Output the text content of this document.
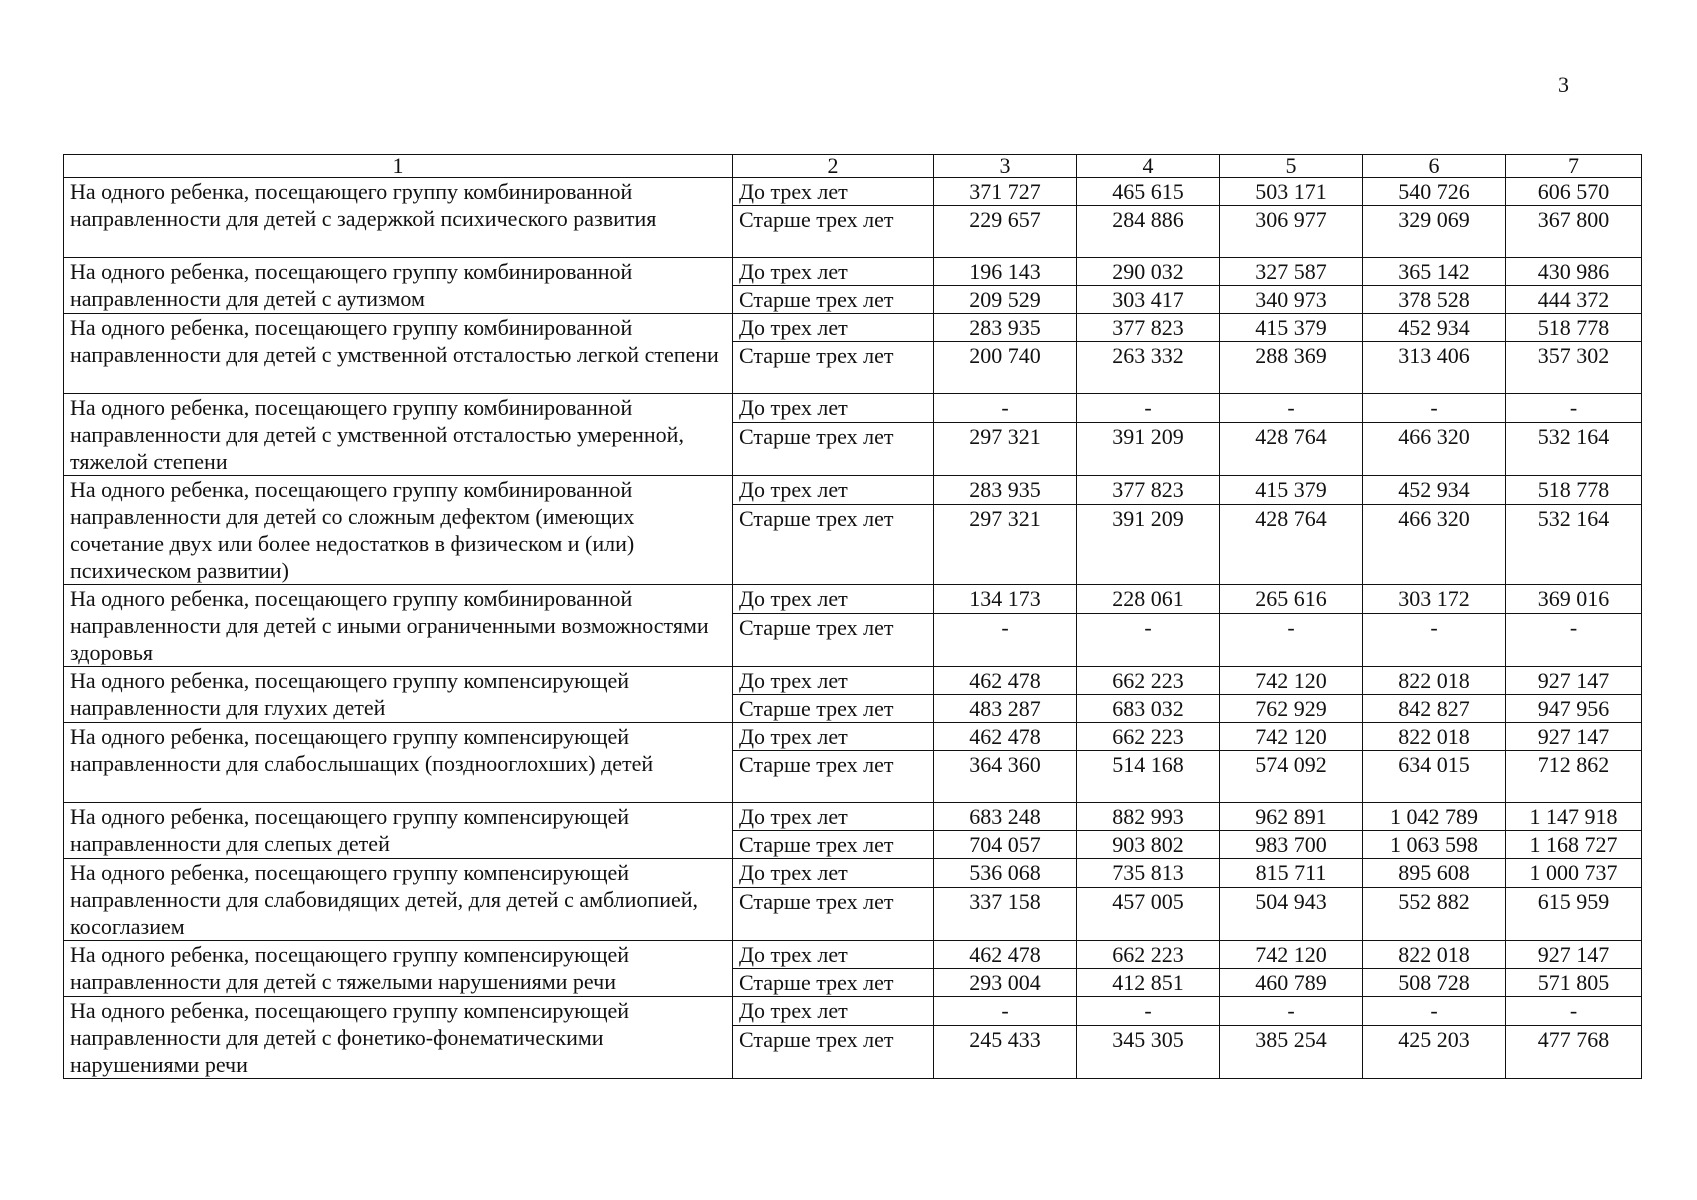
3
1	2	3	4	5	6	7
На одного ребенка, посещающего группу комбинированной направленности для детей с задержкой психического развития	До трех лет	371 727	465 615	503 171	540 726	606 570
	Старше трех лет	229 657	284 886	306 977	329 069	367 800
На одного ребенка, посещающего группу комбинированной направленности для детей с аутизмом	До трех лет	196 143	290 032	327 587	365 142	430 986
	Старше трех лет	209 529	303 417	340 973	378 528	444 372
На одного ребенка, посещающего группу комбинированной направленности для детей с умственной отсталостью легкой степени	До трех лет	283 935	377 823	415 379	452 934	518 778
	Старше трех лет	200 740	263 332	288 369	313 406	357 302
На одного ребенка, посещающего группу комбинированной направленности для детей с умственной отсталостью умеренной, тяжелой степени	До трех лет	-	-	-	-	-
	Старше трех лет	297 321	391 209	428 764	466 320	532 164
На одного ребенка, посещающего группу комбинированной направленности для детей со сложным дефектом (имеющих сочетание двух или более недостатков в физическом и (или) психическом развитии)	До трех лет	283 935	377 823	415 379	452 934	518 778
	Старше трех лет	297 321	391 209	428 764	466 320	532 164
На одного ребенка, посещающего группу комбинированной направленности для детей с иными ограниченными возможностями здоровья	До трех лет	134 173	228 061	265 616	303 172	369 016
	Старше трех лет	-	-	-	-	-
На одного ребенка, посещающего группу компенсирующей направленности для глухих детей	До трех лет	462 478	662 223	742 120	822 018	927 147
	Старше трех лет	483 287	683 032	762 929	842 827	947 956
На одного ребенка, посещающего группу компенсирующей направленности для слабослышащих (позднооглохших) детей	До трех лет	462 478	662 223	742 120	822 018	927 147
	Старше трех лет	364 360	514 168	574 092	634 015	712 862
На одного ребенка, посещающего группу компенсирующей направленности для слепых детей	До трех лет	683 248	882 993	962 891	1 042 789	1 147 918
	Старше трех лет	704 057	903 802	983 700	1 063 598	1 168 727
На одного ребенка, посещающего группу компенсирующей направленности для слабовидящих детей, для детей с амблиопией, косоглазием	До трех лет	536 068	735 813	815 711	895 608	1 000 737
	Старше трех лет	337 158	457 005	504 943	552 882	615 959
На одного ребенка, посещающего группу компенсирующей направленности для детей с тяжелыми нарушениями речи	До трех лет	462 478	662 223	742 120	822 018	927 147
	Старше трех лет	293 004	412 851	460 789	508 728	571 805
На одного ребенка, посещающего группу компенсирующей направленности для детей с фонетико-фонематическими нарушениями речи	До трех лет	-	-	-	-	-
	Старше трех лет	245 433	345 305	385 254	425 203	477 768
